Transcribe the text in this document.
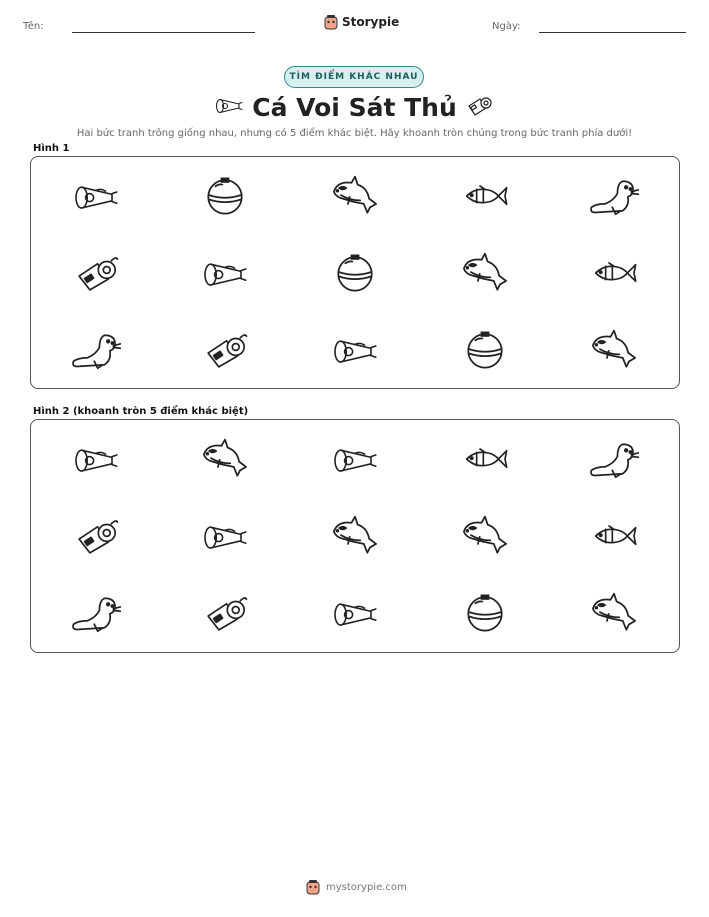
Tên:	Storypie	Ngày:
TÌM ĐIỂM KHÁC NHAU
Cá Voi Sát Thủ
Hai bức tranh trông giống nhau, nhưng có 5 điểm khác biệt. Hãy khoanh tròn chúng trong bức tranh phía dưới!
Hình 1
Hình 2 (khoanh tròn 5 điểm khác biệt)
mystorypie.com
